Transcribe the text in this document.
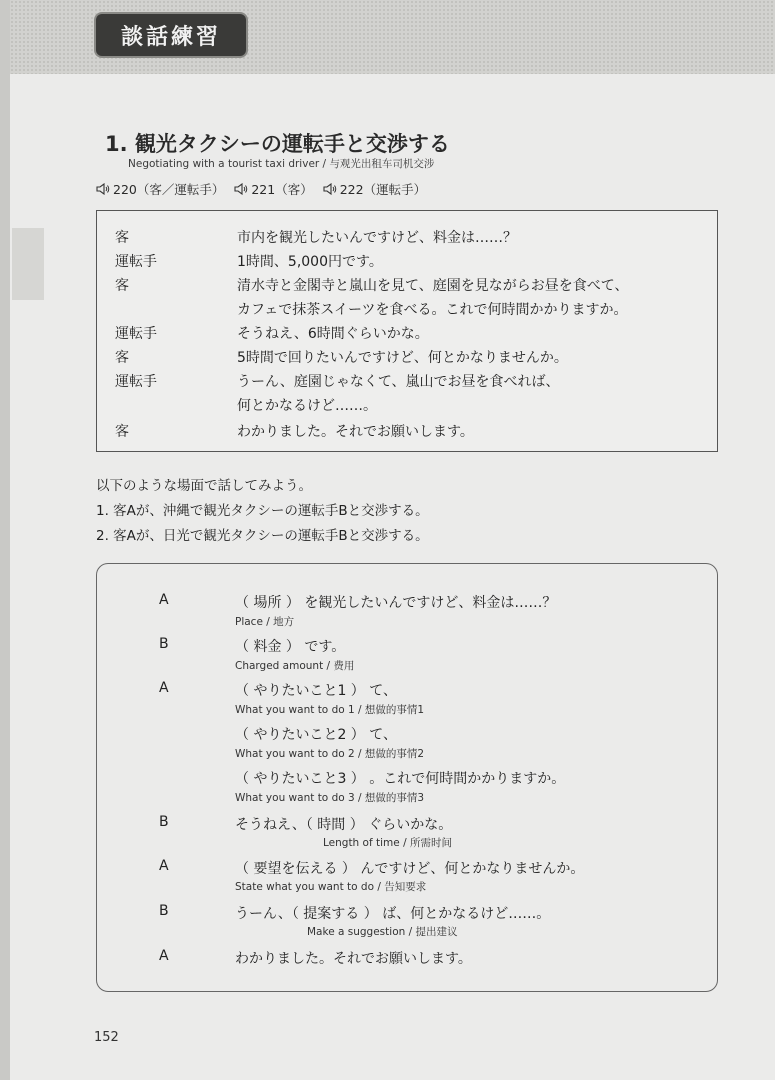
談話練習
1. 観光タクシーの運転手と交渉する
Negotiating with a tourist taxi driver / 与观光出租车司机交涉
220（客／運転手） 221（客） 222（運転手）
客	市内を観光したいんですけど、料金は……？
運転手	1時間、5,000円です。
客	清水寺と金閣寺と嵐山を見て、庭園を見ながらお昼を食べて、
カフェで抹茶スイーツを食べる。これで何時間かかりますか。
運転手	そうねえ、6時間ぐらいかな。
客	5時間で回りたいんですけど、何とかなりませんか。
運転手	うーん、庭園じゃなくて、嵐山でお昼を食べれば、
何とかなるけど……。
客	わかりました。それでお願いします。
以下のような場面で話してみよう。
1. 客Aが、沖縄で観光タクシーの運転手Bと交渉する。
2. 客Aが、日光で観光タクシーの運転手Bと交渉する。
A	（ 場所 ） を観光したいんですけど、料金は……？
Place / 地方
B	（ 料金 ） です。
Charged amount / 费用
A	（ やりたいこと1 ） て、
What you want to do 1 / 想做的事情1
（ やりたいこと2 ） て、
What you want to do 2 / 想做的事情2
（ やりたいこと3 ） 。これで何時間かかりますか。
What you want to do 3 / 想做的事情3
B	そうねえ、（ 時間 ） ぐらいかな。
Length of time / 所需时间
A	（ 要望を伝える ） んですけど、何とかなりませんか。
State what you want to do / 告知要求
B	うーん、（ 提案する ） ば、何とかなるけど……。
Make a suggestion / 提出建议
A	わかりました。それでお願いします。
152
